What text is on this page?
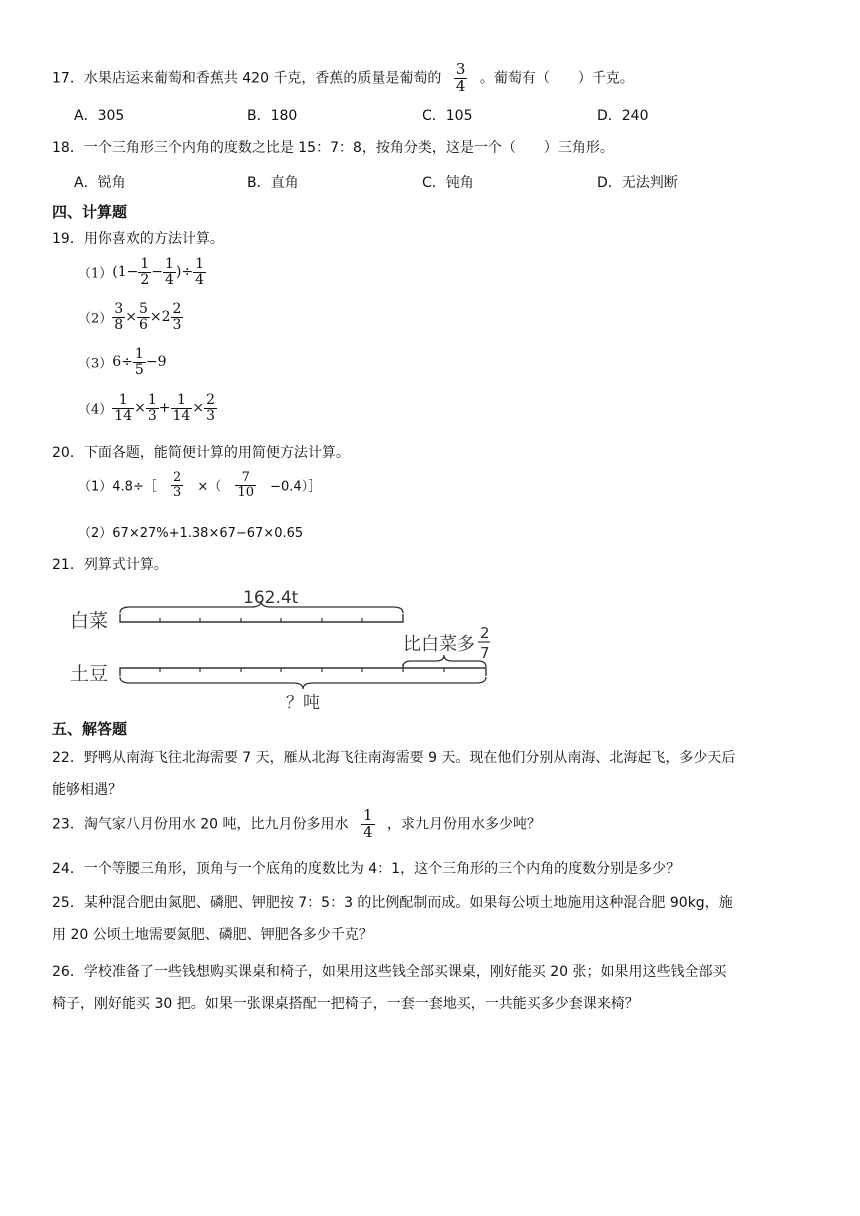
17．水果店运来葡萄和香蕉共 420 千克，香蕉的质量是葡萄的 $\frac{3}{4}$ 。葡萄有（　　）千克。
A．305	B．180	C．105	D．240
18．一个三角形三个内角的度数之比是 15：7：8，按角分类，这是一个（　　）三角形。
A．锐角	B．直角	C．钝角	D．无法判断
四、计算题
19．用你喜欢的方法计算。
$(1)(1- \frac{1}{2} - \frac{1}{4}$ )÷ $\frac{1}{4}$
$(2) \frac{3}{8} \times \frac{5}{6} \times 2 \frac{2}{3}$
$(3)6\div \frac{1}{5} -9$
$(4) \frac{1}{14} \times \frac{1}{3} + \frac{1}{14} \times \frac{2}{3}$
20．下面各题，能简便计算的用简便方法计算。
（1）4.8÷［ $\frac{2}{3}$ ×（ $\frac{7}{10}$ −0.4）］
（2）67×27%+1.38×67−67×0.65
21．列算式计算。
白菜
162.4t
土豆
比白菜多
2
7
？吨
五、解答题
22．野鸭从南海飞往北海需要 7 天，雁从北海飞往南海需要 9 天。现在他们分别从南海、北海起飞，多少天后
能够相遇？
23．淘气家八月份用水 20 吨，比九月份多用水 $\frac{1}{4}$ ，求九月份用水多少吨？
24．一个等腰三角形，顶角与一个底角的度数比为 4：1，这个三角形的三个内角的度数分别是多少？
25．某种混合肥由氮肥、磷肥、钾肥按 7：5：3 的比例配制而成。如果每公顷土地施用这种混合肥 90kg，施
用 20 公顷土地需要氮肥、磷肥、钾肥各多少千克？
26．学校准备了一些钱想购买课桌和椅子，如果用这些钱全部买课桌，刚好能买 20 张；如果用这些钱全部买
椅子，刚好能买 30 把。如果一张课桌搭配一把椅子，一套一套地买，一共能买多少套课来椅？
